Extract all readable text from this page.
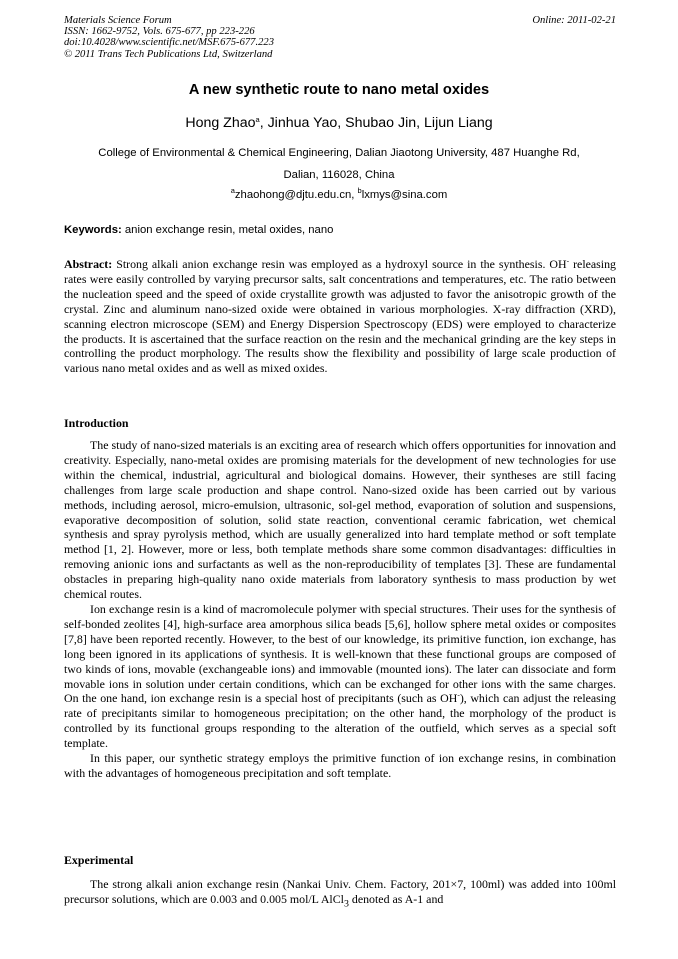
Materials Science Forum
ISSN: 1662-9752, Vols. 675-677, pp 223-226
doi:10.4028/www.scientific.net/MSF.675-677.223
© 2011 Trans Tech Publications Ltd, Switzerland
Online: 2011-02-21
A new synthetic route to nano metal oxides
Hong Zhao$^a$, Jinhua Yao, Shubao Jin, Lijun Liang
College of Environmental & Chemical Engineering, Dalian Jiaotong University, 487 Huanghe Rd,
Dalian, 116028, China
$^a$zhaohong@djtu.edu.cn, $^b$lxmys@sina.com
Keywords: anion exchange resin, metal oxides, nano

Abstract: Strong alkali anion exchange resin was employed as a hydroxyl source in the synthesis. OH- releasing rates were easily controlled by varying precursor salts, salt concentrations and temperatures, etc. The ratio between the nucleation speed and the speed of oxide crystallite growth was adjusted to favor the anisotropic growth of the crystal. Zinc and aluminum nano-sized oxide were obtained in various morphologies. X-ray diffraction (XRD), scanning electron microscope (SEM) and Energy Dispersion Spectroscopy (EDS) were employed to characterize the products. It is ascertained that the surface reaction on the resin and the mechanical grinding are the key steps in controlling the product morphology. The results show the flexibility and possibility of large scale production of various nano metal oxides and as well as mixed oxides.

Introduction

The study of nano-sized materials is an exciting area of research which offers opportunities for innovation and creativity. Especially, nano-metal oxides are promising materials for the development of new technologies for use within the chemical, industrial, agricultural and biological domains. However, their syntheses are still facing challenges from large scale production and shape control. Nano-sized oxide has been carried out by various methods, including aerosol, micro-emulsion, ultrasonic, sol-gel method, evaporation of solution and suspensions, evaporative decomposition of solution, solid state reaction, conventional ceramic fabrication, wet chemical synthesis and spray pyrolysis method, which are usually generalized into hard template method or soft template method [1, 2]. However, more or less, both template methods share some common disadvantages: difficulties in removing anionic ions and surfactants as well as the non-reproducibility of templates [3]. These are fundamental obstacles in preparing high-quality nano oxide materials from laboratory synthesis to mass production by wet chemical routes.

Ion exchange resin is a kind of macromolecule polymer with special structures. Their uses for the synthesis of self-bonded zeolites [4], high-surface area amorphous silica beads [5,6], hollow sphere metal oxides or composites [7,8] have been reported recently. However, to the best of our knowledge, its primitive function, ion exchange, has long been ignored in its applications of synthesis. It is well-known that these functional groups are composed of two kinds of ions, movable (exchangeable ions) and immovable (mounted ions). The later can dissociate and form movable ions in solution under certain conditions, which can be exchanged for other ions with the same charges. On the one hand, ion exchange resin is a special host of precipitants (such as OH-), which can adjust the releasing rate of precipitants similar to homogeneous precipitation; on the other hand, the morphology of the product is controlled by its functional groups responding to the alteration of the outfield, which serves as a special soft template.

In this paper, our synthetic strategy employs the primitive function of ion exchange resins, in combination with the advantages of homogeneous precipitation and soft template.

Experimental

The strong alkali anion exchange resin (Nankai Univ. Chem. Factory, 201×7, 100ml) was added into 100ml precursor solutions, which are 0.003 and 0.005 mol/L AlCl$_3$ denoted as A-1 and
